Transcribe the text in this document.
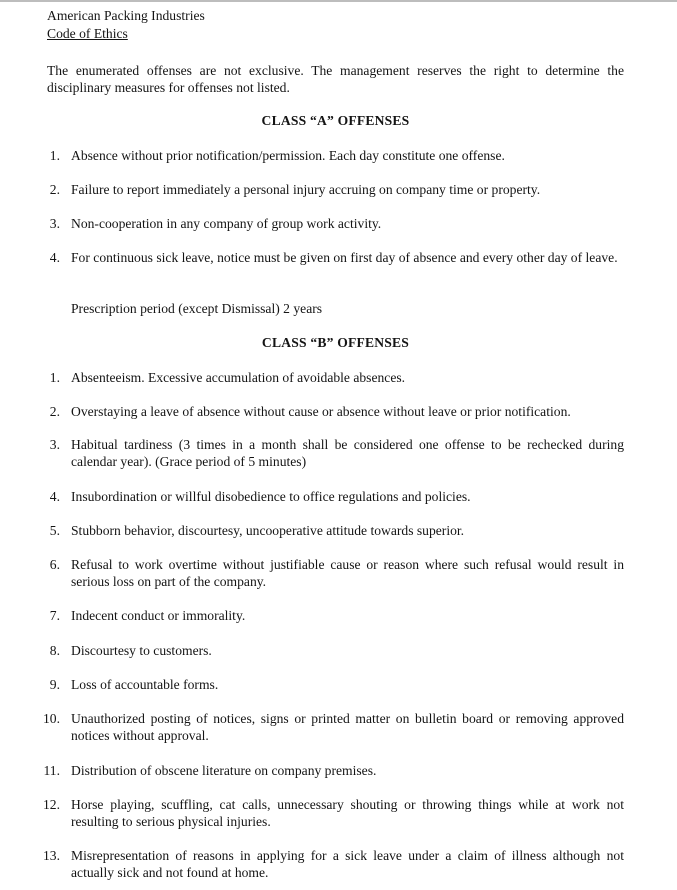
American Packing Industries
Code of Ethics
The enumerated offenses are not exclusive. The management reserves the right to determine the disciplinary measures for offenses not listed.
CLASS “A” OFFENSES
1. Absence without prior notification/permission. Each day constitute one offense.
2. Failure to report immediately a personal injury accruing on company time or property.
3. Non-cooperation in any company of group work activity.
4. For continuous sick leave, notice must be given on first day of absence and every other day of leave.
Prescription period (except Dismissal) 2 years
CLASS “B” OFFENSES
1. Absenteeism. Excessive accumulation of avoidable absences.
2. Overstaying a leave of absence without cause or absence without leave or prior notification.
3. Habitual tardiness (3 times in a month shall be considered one offense to be rechecked during calendar year). (Grace period of 5 minutes)
4. Insubordination or willful disobedience to office regulations and policies.
5. Stubborn behavior, discourtesy, uncooperative attitude towards superior.
6. Refusal to work overtime without justifiable cause or reason where such refusal would result in serious loss on part of the company.
7. Indecent conduct or immorality.
8. Discourtesy to customers.
9. Loss of accountable forms.
10. Unauthorized posting of notices, signs or printed matter on bulletin board or removing approved notices without approval.
11. Distribution of obscene literature on company premises.
12. Horse playing, scuffling, cat calls, unnecessary shouting or throwing things while at work not resulting to serious physical injuries.
13. Misrepresentation of reasons in applying for a sick leave under a claim of illness although not actually sick and not found at home.
